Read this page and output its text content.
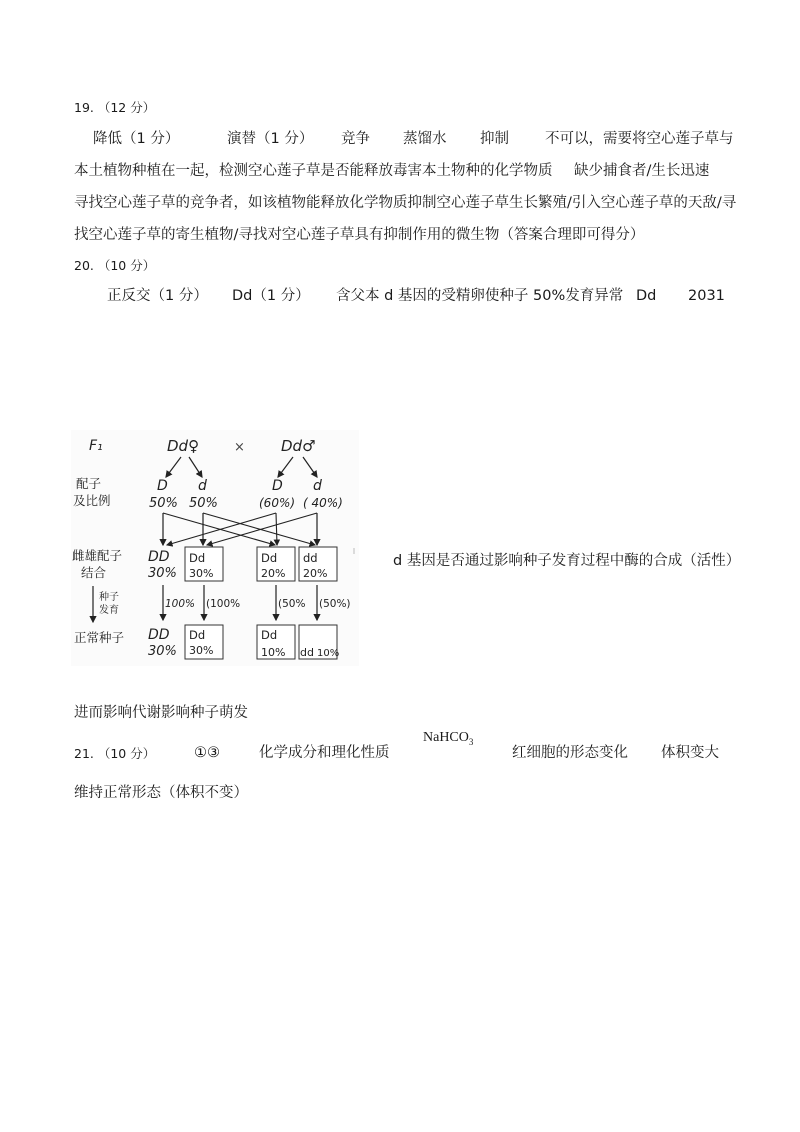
19. （12 分）
降低（1 分）	演替（1 分） 竞争 蒸馏水 抑制 不可以，需要将空心莲子草与
本土植物种植在一起，检测空心莲子草是否能释放毒害本土物种的化学物质 缺少捕食者/生长迅速
寻找空心莲子草的竞争者，如该植物能释放化学物质抑制空心莲子草生长繁殖/引入空心莲子草的天敌/寻
找空心莲子草的寄生植物/寻找对空心莲子草具有抑制作用的微生物（答案合理即可得分）
20. （10 分）
正反交（1 分） Dd（1 分） 含父本 d 基因的受精卵使种子 50%发育异常 Dd 2031
F₁	Dd♀	× Dd♂
配子
及比例
D d	D d
50% 50%	(60%) ( 40%)
雌雄配子
结合
DD
30%
Dd
30%
Dd
20%
dd
20%
种子
发育
100% (100%	(50% (50%)
正常种子 DD
30%
Dd
30%
Dd
10% dd 10%
d 基因是否通过影响种子发育过程中酶的合成（活性）
进而影响代谢影响种子萌发
21. （10 分）	①③	化学成分和理化性质
NaHCO$_3$
红细胞的形态变化 体积变大
维持正常形态（体积不变）
